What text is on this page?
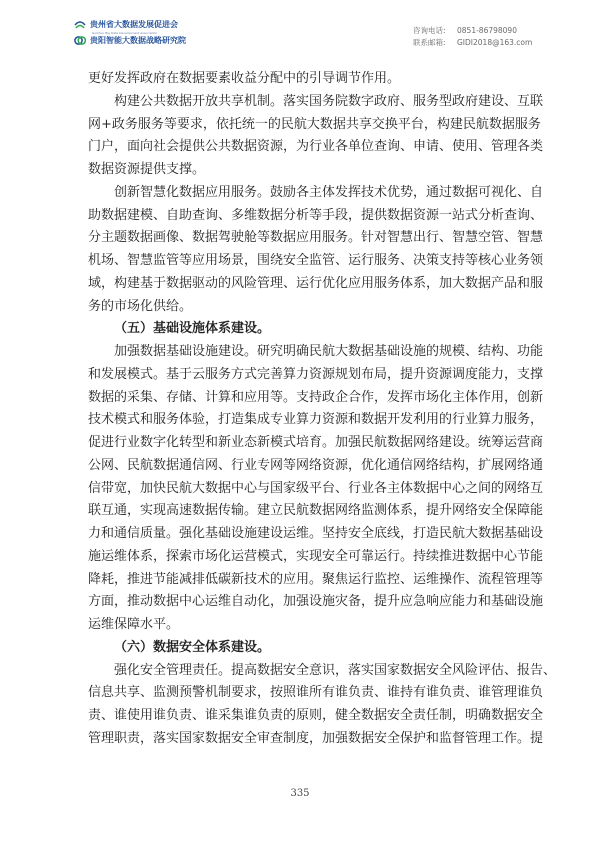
贵州省大数据发展促进会
Guizhou Big Data Development Association
贵阳智能大数据战略研究院
咨询电话:	0851-86798090
联系邮箱:	GIDI2018@163.com
更好发挥政府在数据要素收益分配中的引导调节作用。
构建公共数据开放共享机制。落实国务院数字政府、服务型政府建设、互联
网+政务服务等要求，依托统一的民航大数据共享交换平台，构建民航数据服务
门户，面向社会提供公共数据资源，为行业各单位查询、申请、使用、管理各类
数据资源提供支撑。
创新智慧化数据应用服务。鼓励各主体发挥技术优势，通过数据可视化、自
助数据建模、自助查询、多维数据分析等手段，提供数据资源一站式分析查询、
分主题数据画像、数据驾驶舱等数据应用服务。针对智慧出行、智慧空管、智慧
机场、智慧监管等应用场景，围绕安全监管、运行服务、决策支持等核心业务领
域，构建基于数据驱动的风险管理、运行优化应用服务体系，加大数据产品和服
务的市场化供给。
（五）基础设施体系建设。
加强数据基础设施建设。研究明确民航大数据基础设施的规模、结构、功能
和发展模式。基于云服务方式完善算力资源规划布局，提升资源调度能力，支撑
数据的采集、存储、计算和应用等。支持政企合作，发挥市场化主体作用，创新
技术模式和服务体验，打造集成专业算力资源和数据开发利用的行业算力服务，
促进行业数字化转型和新业态新模式培育。加强民航数据网络建设。统筹运营商
公网、民航数据通信网、行业专网等网络资源，优化通信网络结构，扩展网络通
信带宽，加快民航大数据中心与国家级平台、行业各主体数据中心之间的网络互
联互通，实现高速数据传输。建立民航数据网络监测体系，提升网络安全保障能
力和通信质量。强化基础设施建设运维。坚持安全底线，打造民航大数据基础设
施运维体系，探索市场化运营模式，实现安全可靠运行。持续推进数据中心节能
降耗，推进节能减排低碳新技术的应用。聚焦运行监控、运维操作、流程管理等
方面，推动数据中心运维自动化，加强设施灾备，提升应急响应能力和基础设施
运维保障水平。
（六）数据安全体系建设。
强化安全管理责任。提高数据安全意识，落实国家数据安全风险评估、报告、
信息共享、监测预警机制要求，按照谁所有谁负责、谁持有谁负责、谁管理谁负
责、谁使用谁负责、谁采集谁负责的原则，健全数据安全责任制，明确数据安全
管理职责，落实国家数据安全审查制度，加强数据安全保护和监督管理工作。提
335
